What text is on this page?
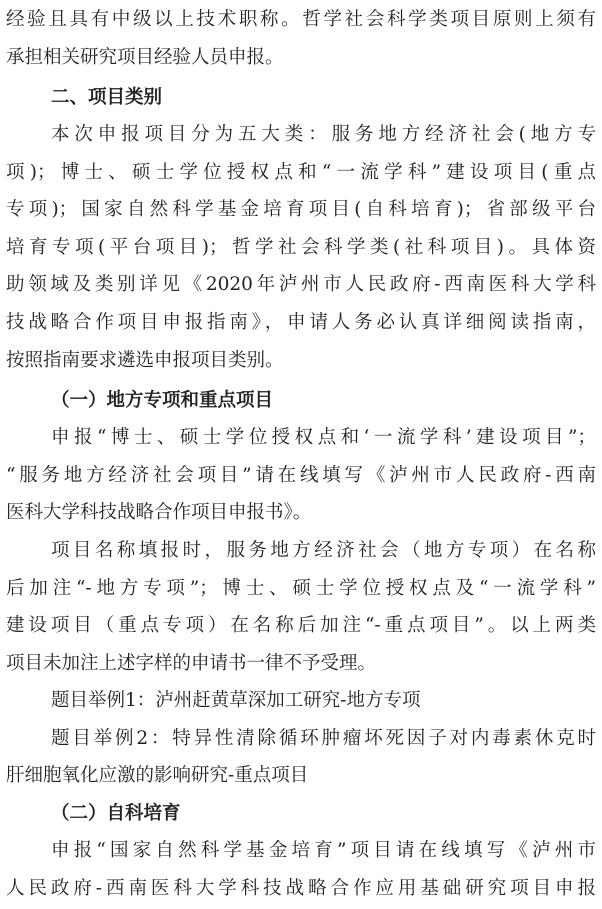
经验且具有中级以上技术职称。哲学社会科学类项目原则上须有
承担相关研究项目经验人员申报。
二、项目类别
本次申报项目分为五大类：服务地方经济社会(地方专
项)；博士、硕士学位授权点和“一流学科”建设项目(重点
专项)；国家自然科学基金培育项目(自科培育)；省部级平台
培育专项(平台项目)；哲学社会科学类(社科项目)。具体资
助领域及类别详见《2020年泸州市人民政府-西南医科大学科
技战略合作项目申报指南》，申请人务必认真详细阅读指南，
按照指南要求遴选申报项目类别。
（一）地方专项和重点项目
申报“博士、硕士学位授权点和‘一流学科’建设项目”；
“服务地方经济社会项目”请在线填写《泸州市人民政府-西南
医科大学科技战略合作项目申报书》。
项目名称填报时，服务地方经济社会（地方专项）在名称
后加注“-地方专项”；博士、硕士学位授权点及“一流学科”
建设项目（重点专项）在名称后加注“-重点项目”。以上两类
项目未加注上述字样的申请书一律不予受理。
题目举例1：泸州赶黄草深加工研究-地方专项
题目举例2：特异性清除循环肿瘤坏死因子对内毒素休克时
肝细胞氧化应激的影响研究-重点项目
（二）自科培育
申报“国家自然科学基金培育”项目请在线填写《泸州市
人民政府-西南医科大学科技战略合作应用基础研究项目申报
